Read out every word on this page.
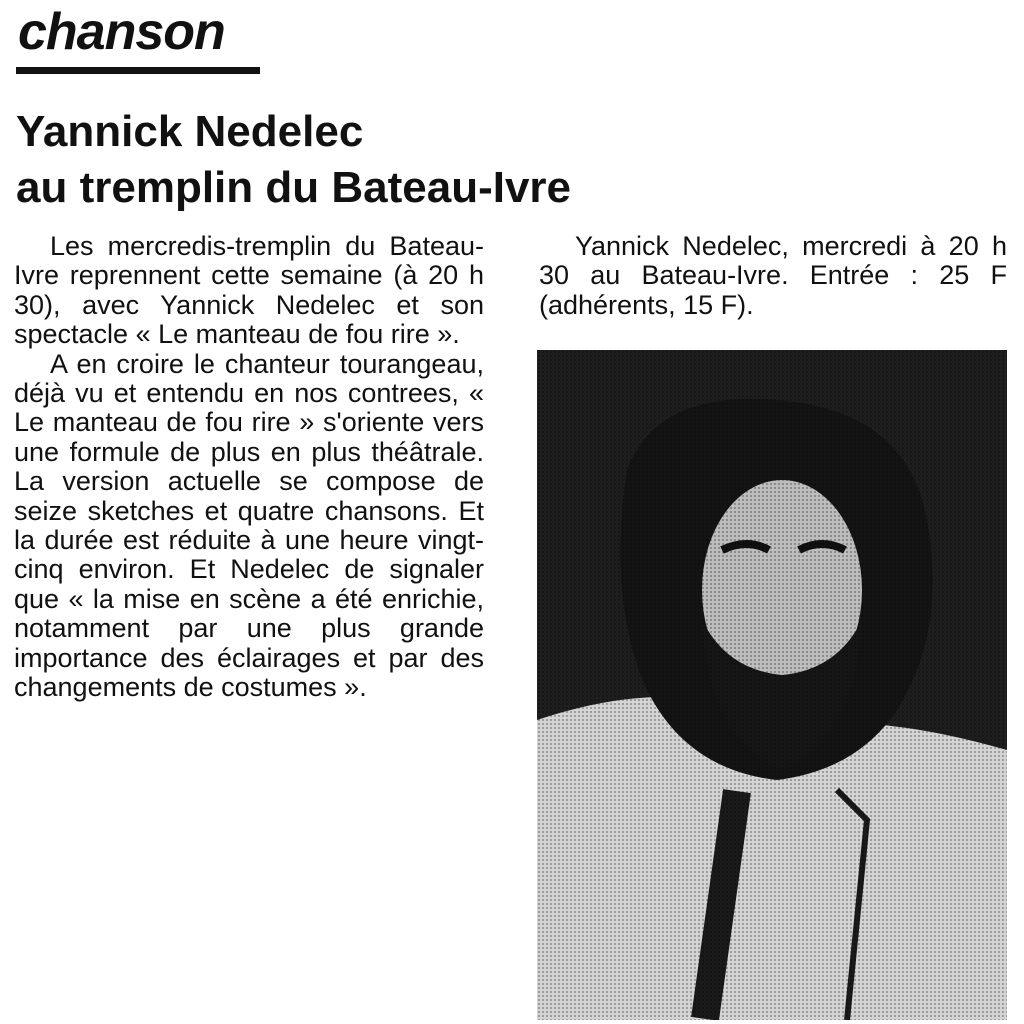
chanson
Yannick Nedelec
au tremplin du Bateau-Ivre

Les mercredis-tremplin du Bateau-Ivre reprennent cette semaine (à 20 h 30), avec Yannick Nedelec et son spectacle « Le manteau de fou rire ».

A en croire le chanteur tourangeau, déjà vu et entendu en nos contrees, « Le manteau de fou rire » s'oriente vers une formule de plus en plus théâtrale. La version actuelle se compose de seize sketches et quatre chansons. Et la durée est réduite à une heure vingt-cinq environ. Et Nedelec de signaler que « la mise en scène a été enrichie, notamment par une plus grande importance des éclairages et par des changements de costumes ».

Yannick Nedelec, mercredi à 20 h 30 au Bateau-Ivre. Entrée : 25 F (adhérents, 15 F).
